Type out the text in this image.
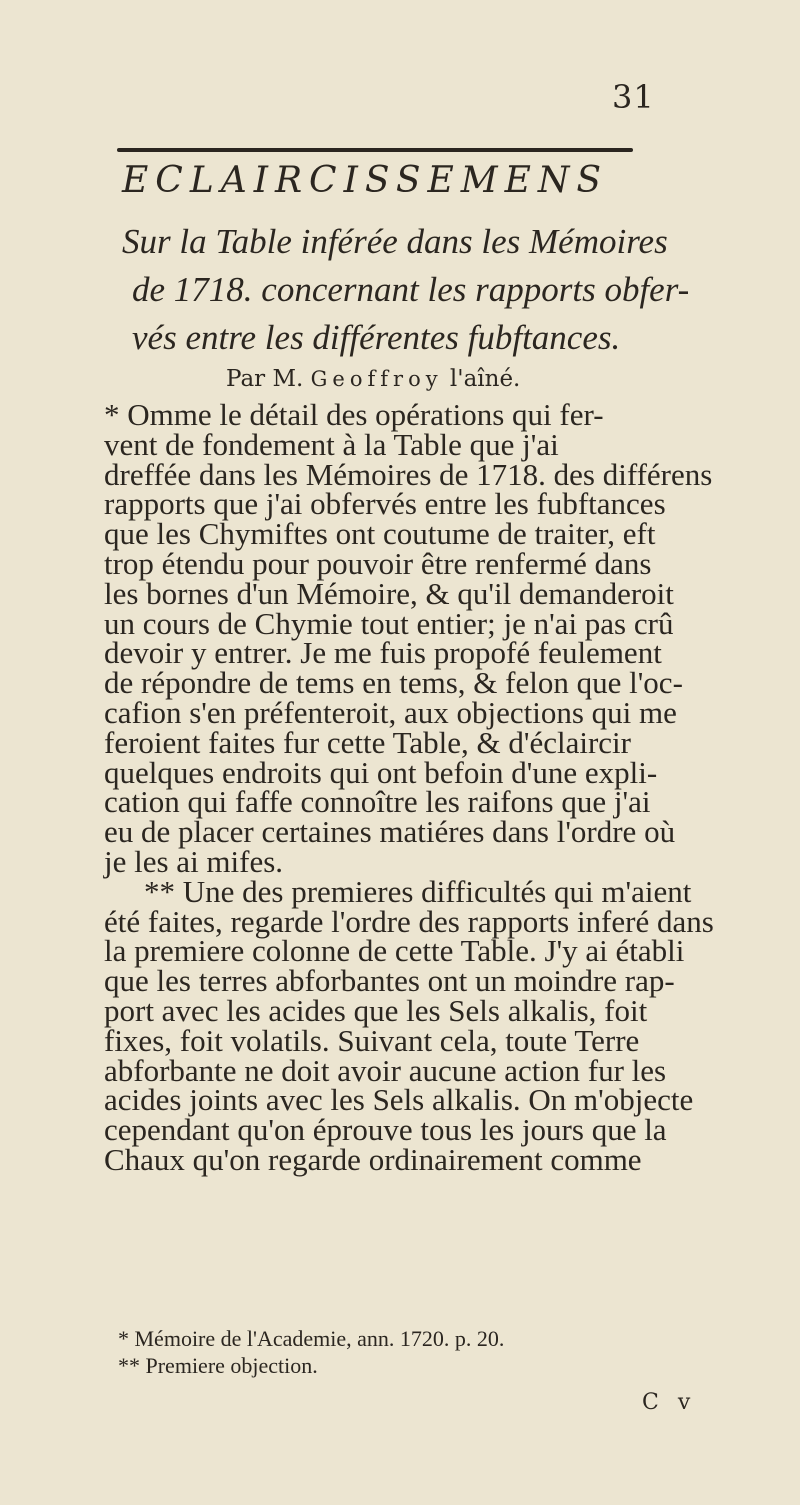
31
ECLAIRCISSEMENS
Sur la Table inférée dans les Mémoires
de 1718. concernant les rapports obfer-
vés entre les différentes fubftances.
Par M. Geoffroy l'aîné.
* Omme le détail des opérations qui fer-
vent de fondement à la Table que j'ai
dreffée dans les Mémoires de 1718. des différens
rapports que j'ai obfervés entre les fubftances
que les Chymiftes ont coutume de traiter, eft
trop étendu pour pouvoir être renfermé dans
les bornes d'un Mémoire, & qu'il demanderoit
un cours de Chymie tout entier; je n'ai pas crû
devoir y entrer. Je me fuis propofé feulement
de répondre de tems en tems, & felon que l'oc-
cafion s'en préfenteroit, aux objections qui me
feroient faites fur cette Table, & d'éclaircir
quelques endroits qui ont befoin d'une expli-
cation qui faffe connoître les raifons que j'ai
eu de placer certaines matiéres dans l'ordre où
je les ai mifes.
** Une des premieres difficultés qui m'aient
été faites, regarde l'ordre des rapports inferé dans
la premiere colonne de cette Table. J'y ai établi
que les terres abforbantes ont un moindre rap-
port avec les acides que les Sels alkalis, foit
fixes, foit volatils. Suivant cela, toute Terre
abforbante ne doit avoir aucune action fur les
acides joints avec les Sels alkalis. On m'objecte
cependant qu'on éprouve tous les jours que la
Chaux qu'on regarde ordinairement comme
* Mémoire de l'Academie, ann. 1720. p. 20.
** Premiere objection.
C v
